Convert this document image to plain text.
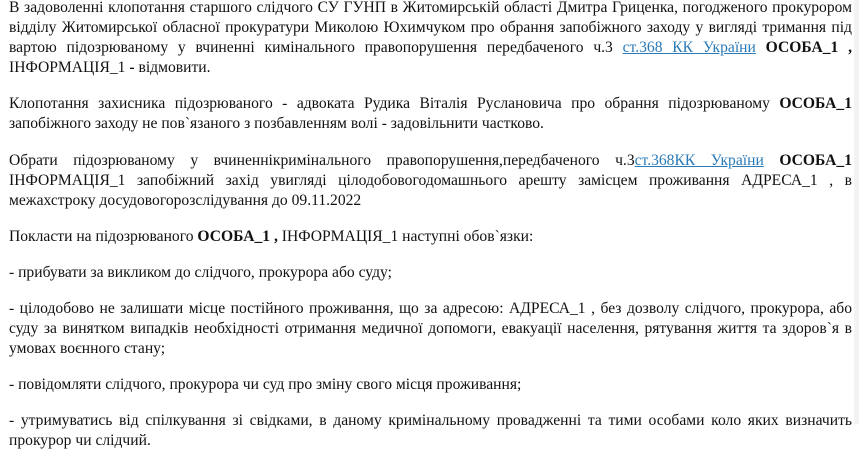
В задоволенні клопотання старшого слідчого СУ ГУНП в Житомирській області Дмитра Гриценка, погодженого прокурором відділу Житомирської обласної прокуратури Миколою Юхимчуком про обрання запобіжного заходу у вигляді тримання під вартою підозрюваному у вчиненні кимінального правопорушення передбаченого ч.3 ст.368 КК України ОСОБА_1 , ІНФОРМАЦІЯ_1 - відмовити.

Клопотання захисника підозрюваного - адвоката Рудика Віталія Руслановича про обрання підозрюваному ОСОБА_1 запобіжного заходу не пов`язаного з позбавленням волі - задовільнити частково.

Обрати підозрюваному у вчиненнікримінального правопорушення,передбаченого ч.3ст.368КК України ОСОБА_1 ІНФОРМАЦІЯ_1 запобіжний захід увигляді цілодобовогодомашнього арешту замісцем проживання АДРЕСА_1 , в межахстроку досудовогорозслідування до 09.11.2022

Покласти на підозрюваного ОСОБА_1 , ІНФОРМАЦІЯ_1 наступні обов`язки:

- прибувати за викликом до слідчого, прокурора або суду;

- цілодобово не залишати місце постійного проживання, що за адресою: АДРЕСА_1 , без дозволу слідчого, прокурора, або суду за винятком випадків необхідності отримання медичної допомоги, евакуації населення, рятування життя та здоров`я в умовах воєнного стану;

- повідомляти слідчого, прокурора чи суд про зміну свого місця проживання;

- утримуватись від спілкування зі свідками, в даному кримінальному провадженні та тими особами коло яких визначить прокурор чи слідчий.
